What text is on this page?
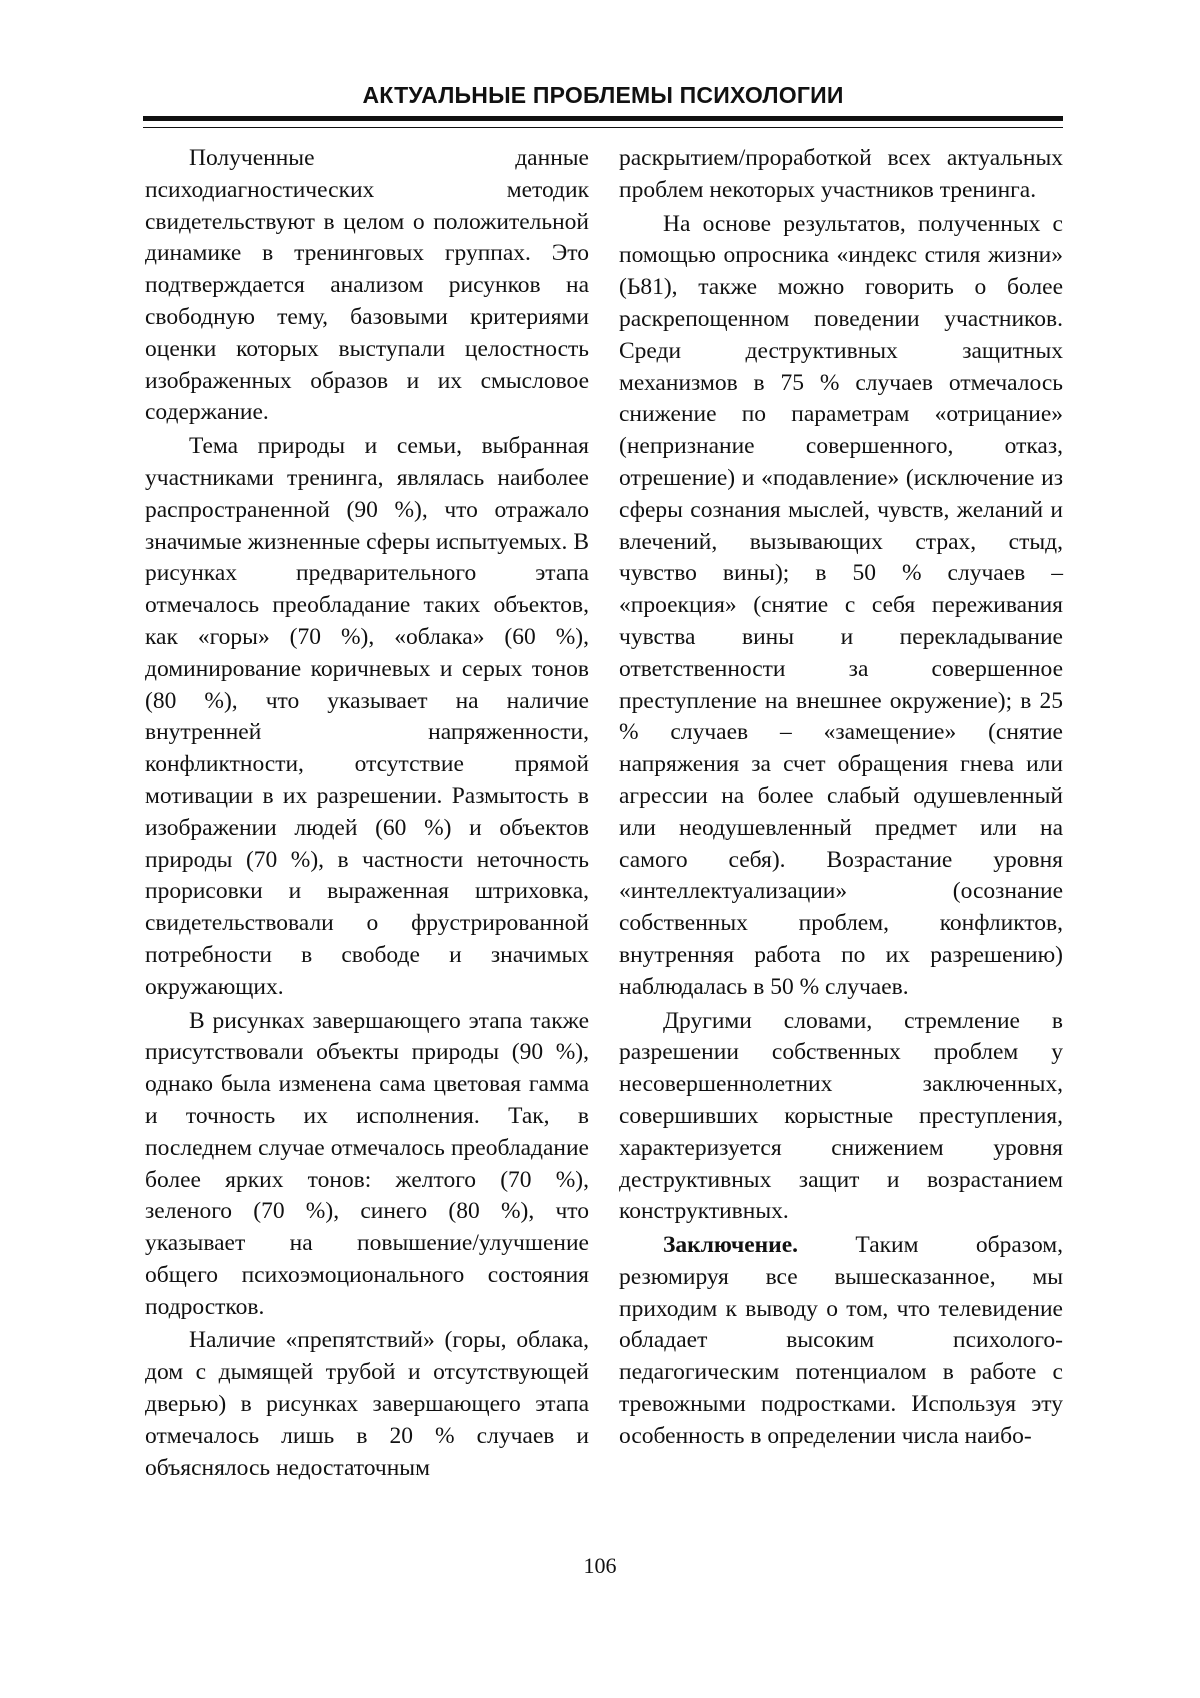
АКТУАЛЬНЫЕ ПРОБЛЕМЫ ПСИХОЛОГИИ

Полученные данные психодиагностических методик свидетельствуют в целом о положительной динамике в тренинговых группах. Это подтверждается анализом рисунков на свободную тему, базовыми критериями оценки которых выступали целостность изображенных образов и их смысловое содержание.

Тема природы и семьи, выбранная участниками тренинга, являлась наиболее распространенной (90 %), что отражало значимые жизненные сферы испытуемых. В рисунках предварительного этапа отмечалось преобладание таких объектов, как «горы» (70 %), «облака» (60 %), доминирование коричневых и серых тонов (80 %), что указывает на наличие внутренней напряженности, конфликтности, отсутствие прямой мотивации в их разрешении. Размытость в изображении людей (60 %) и объектов природы (70 %), в частности неточность прорисовки и выраженная штриховка, свидетельствовали о фрустрированной потребности в свободе и значимых окружающих.

В рисунках завершающего этапа также присутствовали объекты природы (90 %), однако была изменена сама цветовая гамма и точность их исполнения. Так, в последнем случае отмечалось преобладание более ярких тонов: желтого (70 %), зеленого (70 %), синего (80 %), что указывает на повышение/улучшение общего психоэмоционального состояния подростков.

Наличие «препятствий» (горы, облака, дом с дымящей трубой и отсутствующей дверью) в рисунках завершающего этапа отмечалось лишь в 20 % случаев и объяснялось недостаточным

раскрытием/проработкой всех актуальных проблем некоторых участников тренинга.

На основе результатов, полученных с помощью опросника «индекс стиля жизни» (Ь81), также можно говорить о более раскрепощенном поведении участников. Среди деструктивных защитных механизмов в 75 % случаев отмечалось снижение по параметрам «отрицание» (непризнание совершенного, отказ, отрешение) и «подавление» (исключение из сферы сознания мыслей, чувств, желаний и влечений, вызывающих страх, стыд, чувство вины); в 50 % случаев – «проекция» (снятие с себя переживания чувства вины и перекладывание ответственности за совершенное преступление на внешнее окружение); в 25 % случаев – «замещение» (снятие напряжения за счет обращения гнева или агрессии на более слабый одушевленный или неодушевленный предмет или на самого себя). Возрастание уровня «интеллектуализации» (осознание собственных проблем, конфликтов, внутренняя работа по их разрешению) наблюдалась в 50 % случаев.

Другими словами, стремление в разрешении собственных проблем у несовершеннолетних заключенных, совершивших корыстные преступления, характеризуется снижением уровня деструктивных защит и возрастанием конструктивных.

Заключение. Таким образом, резюмируя все вышесказанное, мы приходим к выводу о том, что телевидение обладает высоким психолого-педагогическим потенциалом в работе с тревожными подростками. Используя эту особенность в определении числа наибо-

106
